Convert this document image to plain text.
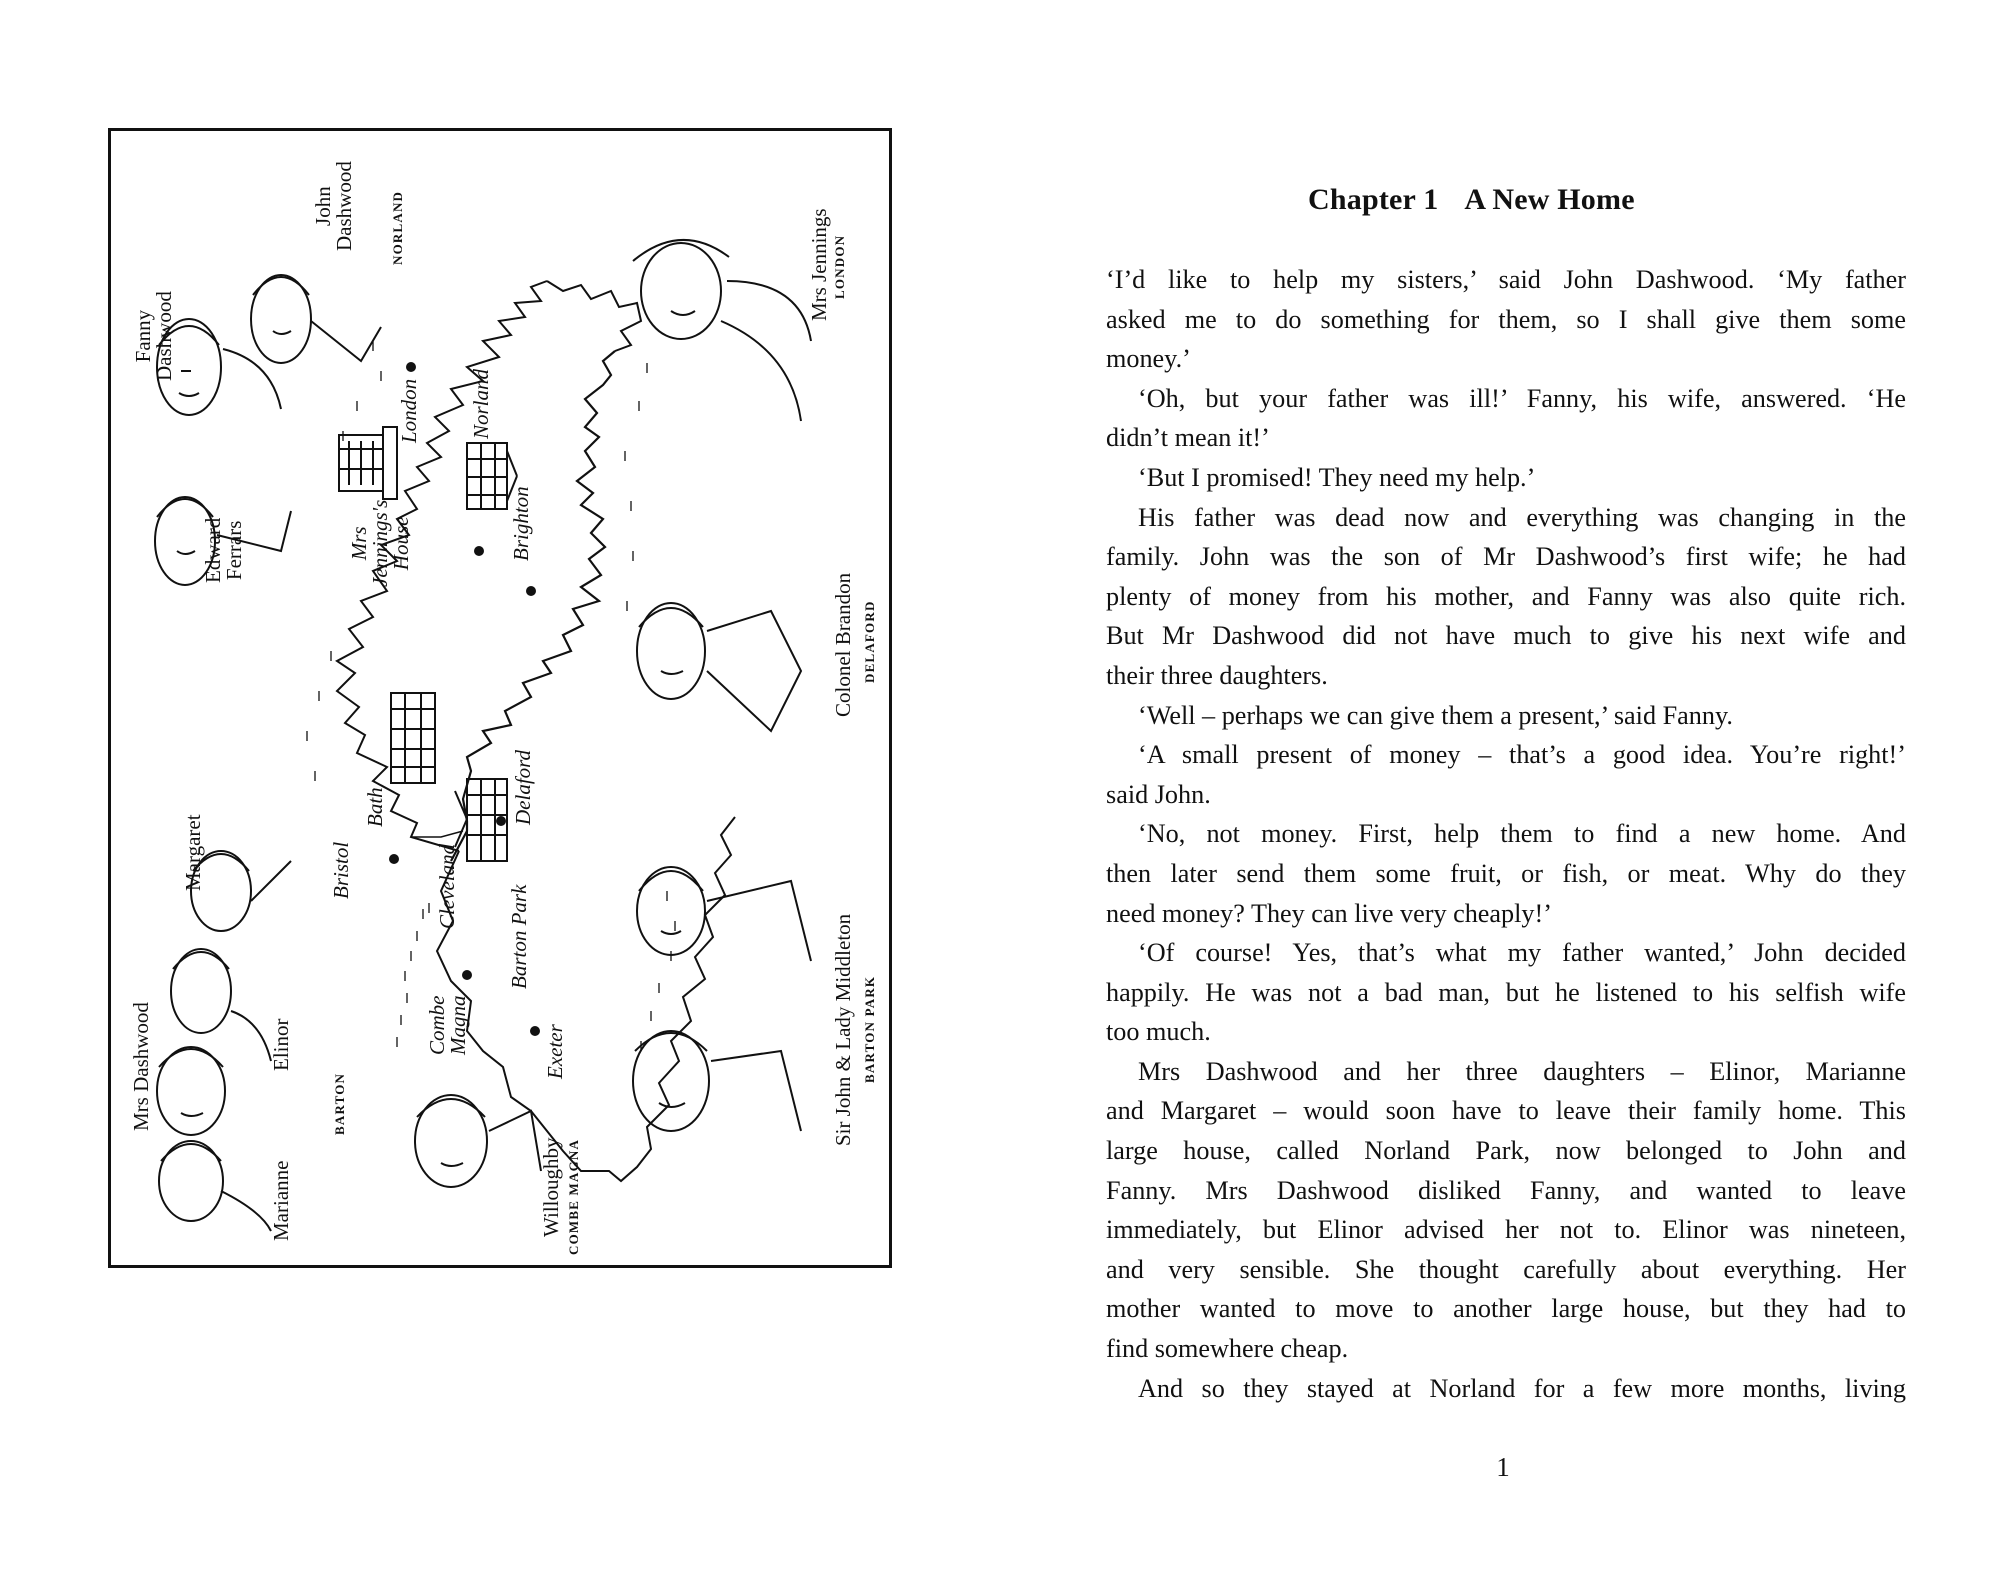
Fanny
Dashwood
John
Dashwood	NORLAND
Edward
Ferrars
Mrs Jennings LONDON
Colonel Brandon DELAFORD
Sir John & Lady Middleton BARTON PARK
Mrs Dashwood
Margaret
Elinor
Marianne
BARTON
Willoughby COMBE MAGNA
Mrs
Jennings's
House
London Norland
Brighton
Delaford
Bath
Bristol	Cleveland Barton Park
Combe
Magna	Exeter
Chapter 1 A New Home
‘I’d like to help my sisters,’ said John Dashwood. ‘My father
asked me to do something for them, so I shall give them some
money.’
‘Oh, but your father was ill!’ Fanny, his wife, answered. ‘He
didn’t mean it!’
‘But I promised! They need my help.’
His father was dead now and everything was changing in the
family. John was the son of Mr Dashwood’s first wife; he had
plenty of money from his mother, and Fanny was also quite rich.
But Mr Dashwood did not have much to give his next wife and
their three daughters.
‘Well – perhaps we can give them a present,’ said Fanny.
‘A small present of money – that’s a good idea. You’re right!’
said John.
‘No, not money. First, help them to find a new home. And
then later send them some fruit, or fish, or meat. Why do they
need money? They can live very cheaply!’
‘Of course! Yes, that’s what my father wanted,’ John decided
happily. He was not a bad man, but he listened to his selfish wife
too much.
Mrs Dashwood and her three daughters – Elinor, Marianne
and Margaret – would soon have to leave their family home. This
large house, called Norland Park, now belonged to John and
Fanny. Mrs Dashwood disliked Fanny, and wanted to leave
immediately, but Elinor advised her not to. Elinor was nineteen,
and very sensible. She thought carefully about everything. Her
mother wanted to move to another large house, but they had to
find somewhere cheap.
And so they stayed at Norland for a few more months, living
1
